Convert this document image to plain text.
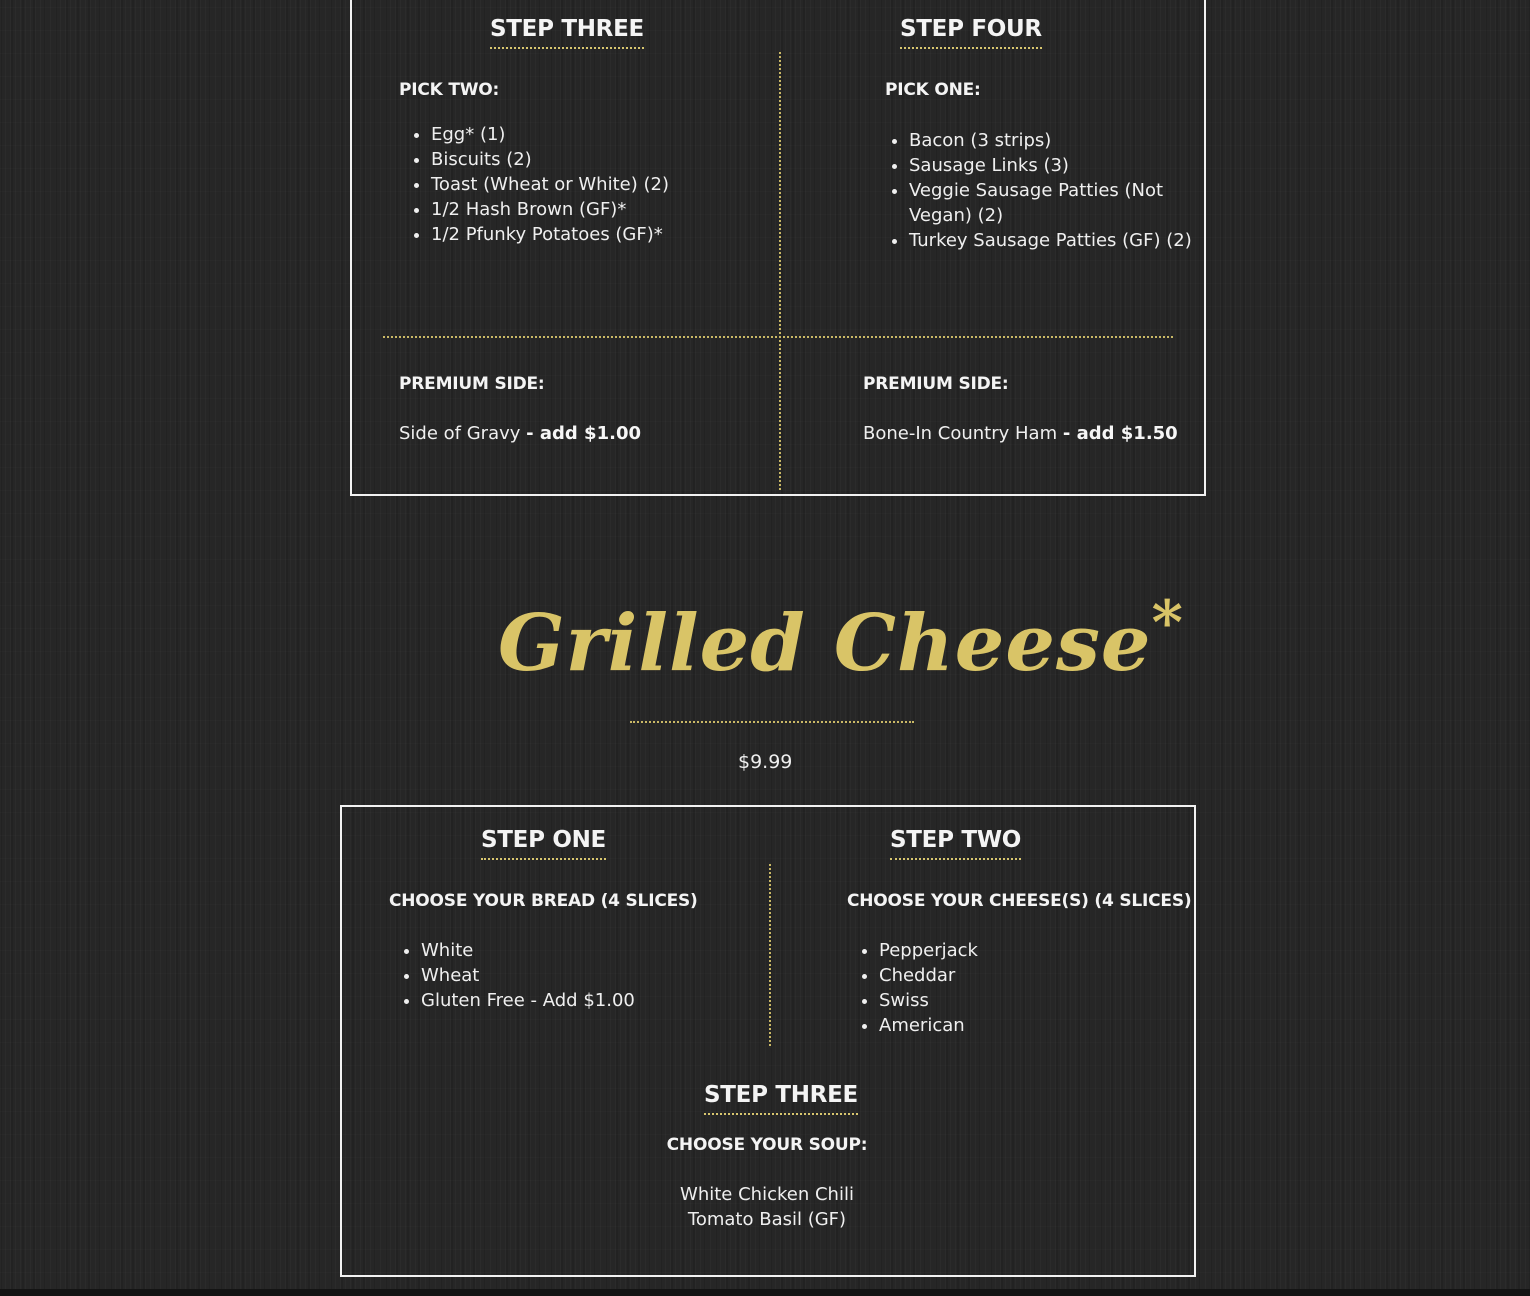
STEP THREE	STEP FOUR
PICK TWO:
• Egg* (1)
• Biscuits (2)
• Toast (Wheat or White) (2)
• 1/2 Hash Brown (GF)*
• 1/2 Pfunky Potatoes (GF)*
PICK ONE:
• Bacon (3 strips)
• Sausage Links (3)
• Veggie Sausage Patties (Not Vegan) (2)
• Turkey Sausage Patties (GF) (2)
PREMIUM SIDE:
Side of Gravy - add $1.00
PREMIUM SIDE:
Bone-In Country Ham - add $1.50
Grilled Cheese*
$9.99
STEP ONE	STEP TWO
CHOOSE YOUR BREAD (4 SLICES)
• White
• Wheat
• Gluten Free - Add $1.00
CHOOSE YOUR CHEESE(S) (4 SLICES)
• Pepperjack
• Cheddar
• Swiss
• American
STEP THREE
CHOOSE YOUR SOUP:
White Chicken Chili
Tomato Basil (GF)
